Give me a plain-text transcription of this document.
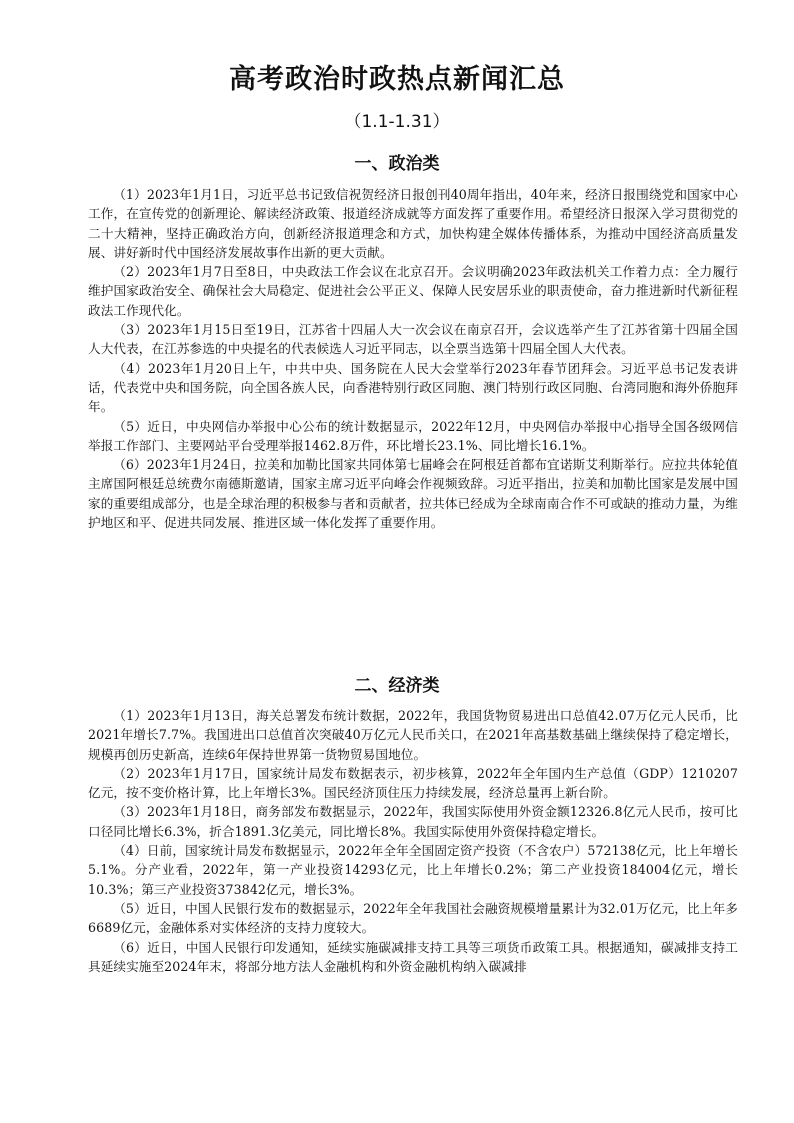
高考政治时政热点新闻汇总
（1.1-1.31）
一、政治类

（1）2023年1月1日，习近平总书记致信祝贺经济日报创刊40周年指出，40年来，经济日报围绕党和国家中心工作，在宣传党的创新理论、解读经济政策、报道经济成就等方面发挥了重要作用。希望经济日报深入学习贯彻党的二十大精神，坚持正确政治方向，创新经济报道理念和方式，加快构建全媒体传播体系，为推动中国经济高质量发展、讲好新时代中国经济发展故事作出新的更大贡献。

（2）2023年1月7日至8日，中央政法工作会议在北京召开。会议明确2023年政法机关工作着力点：全力履行维护国家政治安全、确保社会大局稳定、促进社会公平正义、保障人民安居乐业的职责使命，奋力推进新时代新征程政法工作现代化。

（3）2023年1月15日至19日，江苏省十四届人大一次会议在南京召开，会议选举产生了江苏省第十四届全国人大代表，在江苏参选的中央提名的代表候选人习近平同志，以全票当选第十四届全国人大代表。

（4）2023年1月20日上午，中共中央、国务院在人民大会堂举行2023年春节团拜会。习近平总书记发表讲话，代表党中央和国务院，向全国各族人民，向香港特别行政区同胞、澳门特别行政区同胞、台湾同胞和海外侨胞拜年。

（5）近日，中央网信办举报中心公布的统计数据显示，2022年12月，中央网信办举报中心指导全国各级网信举报工作部门、主要网站平台受理举报1462.8万件，环比增长23.1%、同比增长16.1%。

（6）2023年1月24日，拉美和加勒比国家共同体第七届峰会在阿根廷首都布宜诺斯艾利斯举行。应拉共体轮值主席国阿根廷总统费尔南德斯邀请，国家主席习近平向峰会作视频致辞。习近平指出，拉美和加勒比国家是发展中国家的重要组成部分，也是全球治理的积极参与者和贡献者，拉共体已经成为全球南南合作不可或缺的推动力量，为维护地区和平、促进共同发展、推进区域一体化发挥了重要作用。

二、经济类

（1）2023年1月13日，海关总署发布统计数据，2022年，我国货物贸易进出口总值42.07万亿元人民币，比2021年增长7.7%。我国进出口总值首次突破40万亿元人民币关口，在2021年高基数基础上继续保持了稳定增长，规模再创历史新高，连续6年保持世界第一货物贸易国地位。

（2）2023年1月17日，国家统计局发布数据表示，初步核算，2022年全年国内生产总值（GDP）1210207亿元，按不变价格计算，比上年增长3%。国民经济顶住压力持续发展，经济总量再上新台阶。

（3）2023年1月18日，商务部发布数据显示，2022年，我国实际使用外资金额12326.8亿元人民币，按可比口径同比增长6.3%，折合1891.3亿美元，同比增长8%。我国实际使用外资保持稳定增长。

（4）日前，国家统计局发布数据显示，2022年全年全国固定资产投资（不含农户）572138亿元，比上年增长5.1%。分产业看，2022年，第一产业投资14293亿元，比上年增长0.2%；第二产业投资184004亿元，增长10.3%；第三产业投资373842亿元，增长3%。

（5）近日，中国人民银行发布的数据显示，2022年全年我国社会融资规模增量累计为32.01万亿元，比上年多6689亿元，金融体系对实体经济的支持力度较大。

（6）近日，中国人民银行印发通知，延续实施碳减排支持工具等三项货币政策工具。根据通知，碳减排支持工具延续实施至2024年末，将部分地方法人金融机构和外资金融机构纳入碳减排
